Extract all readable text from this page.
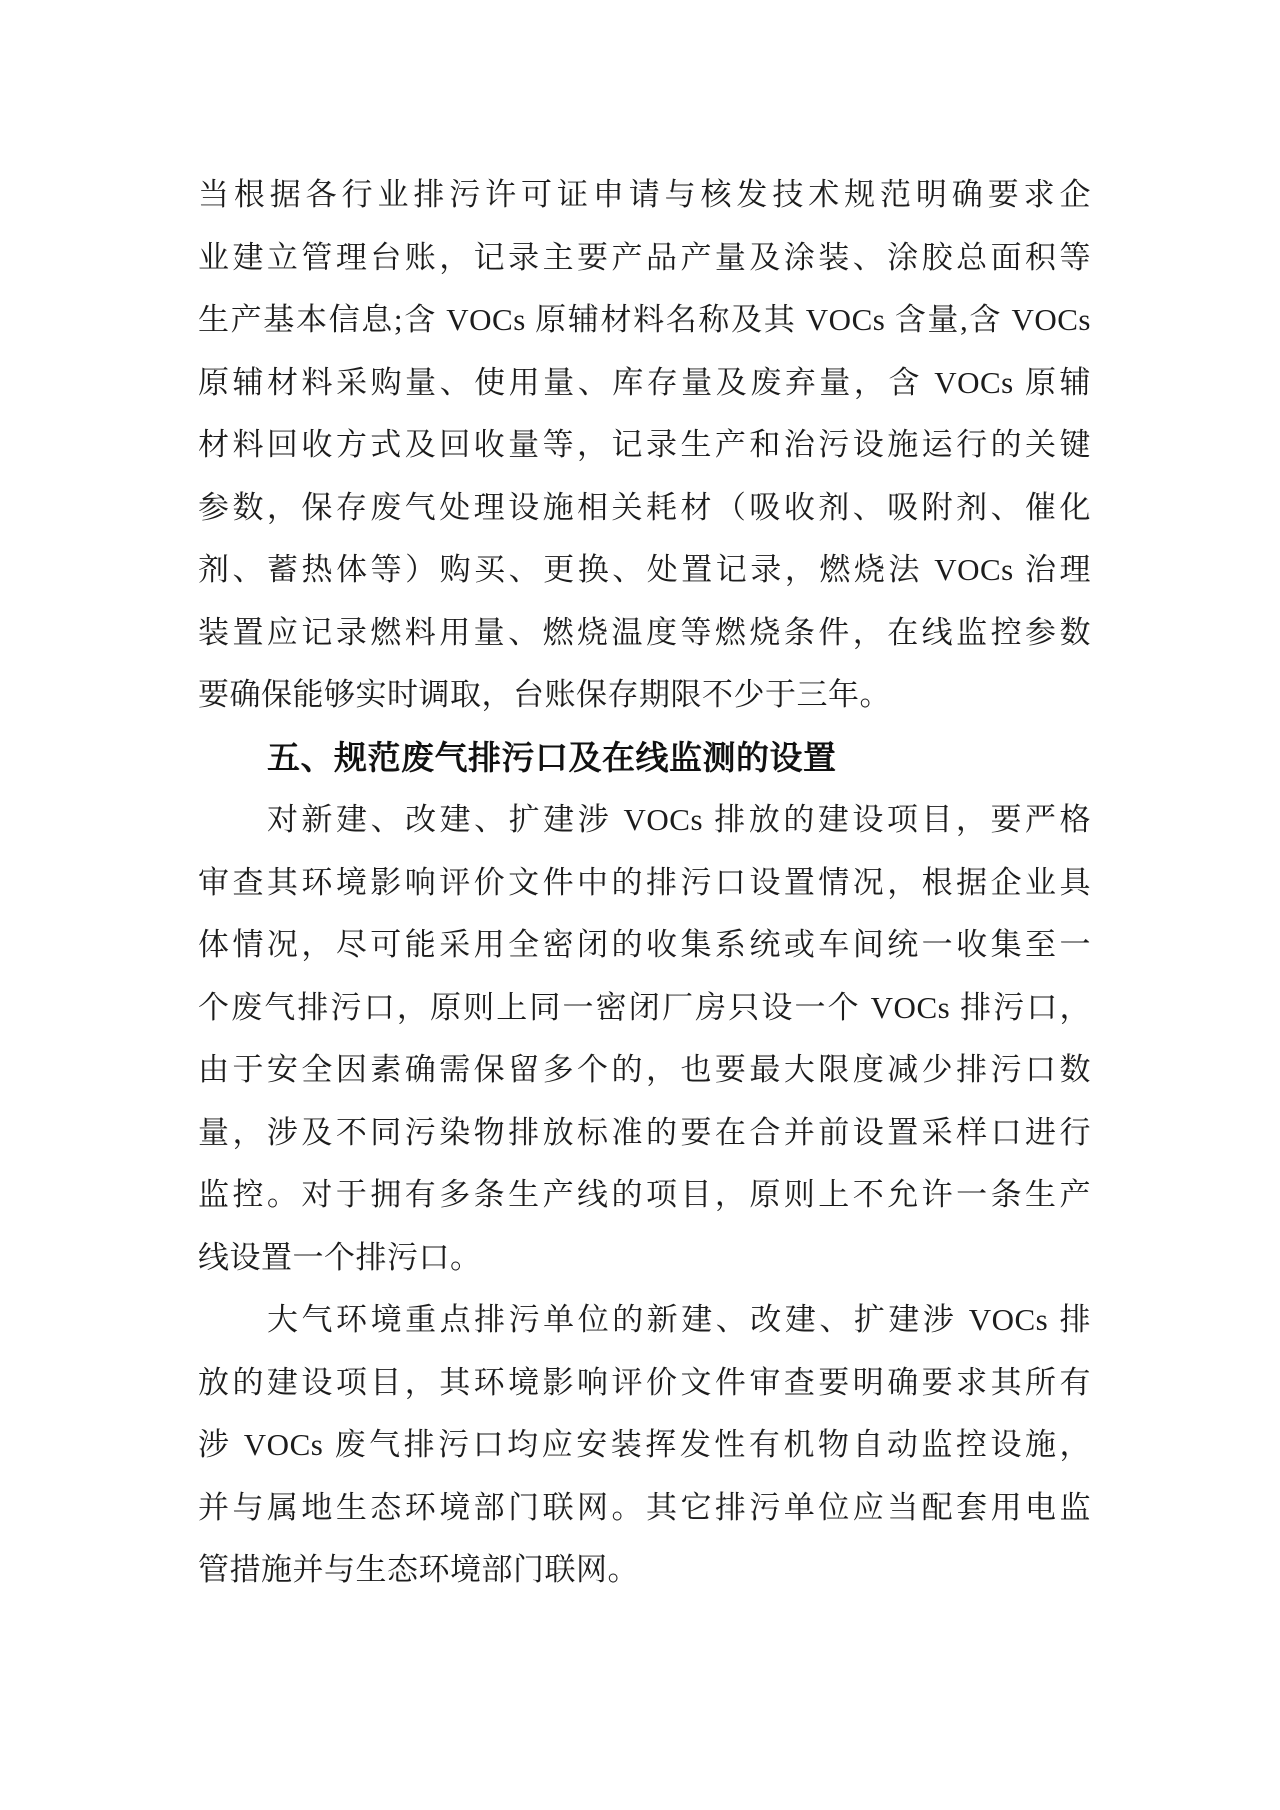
当根据各行业排污许可证申请与核发技术规范明确要求企
业建立管理台账，记录主要产品产量及涂装、涂胶总面积等
生产基本信息;含 VOCs 原辅材料名称及其 VOCs 含量,含 VOCs
原辅材料采购量、使用量、库存量及废弃量，含 VOCs 原辅
材料回收方式及回收量等，记录生产和治污设施运行的关键
参数，保存废气处理设施相关耗材（吸收剂、吸附剂、催化
剂、蓄热体等）购买、更换、处置记录，燃烧法 VOCs 治理
装置应记录燃料用量、燃烧温度等燃烧条件，在线监控参数
要确保能够实时调取，台账保存期限不少于三年。
五、规范废气排污口及在线监测的设置
对新建、改建、扩建涉 VOCs 排放的建设项目，要严格
审查其环境影响评价文件中的排污口设置情况，根据企业具
体情况，尽可能采用全密闭的收集系统或车间统一收集至一
个废气排污口，原则上同一密闭厂房只设一个 VOCs 排污口，
由于安全因素确需保留多个的，也要最大限度减少排污口数
量，涉及不同污染物排放标准的要在合并前设置采样口进行
监控。对于拥有多条生产线的项目，原则上不允许一条生产
线设置一个排污口。
大气环境重点排污单位的新建、改建、扩建涉 VOCs 排
放的建设项目，其环境影响评价文件审查要明确要求其所有
涉 VOCs 废气排污口均应安装挥发性有机物自动监控设施，
并与属地生态环境部门联网。其它排污单位应当配套用电监
管措施并与生态环境部门联网。
